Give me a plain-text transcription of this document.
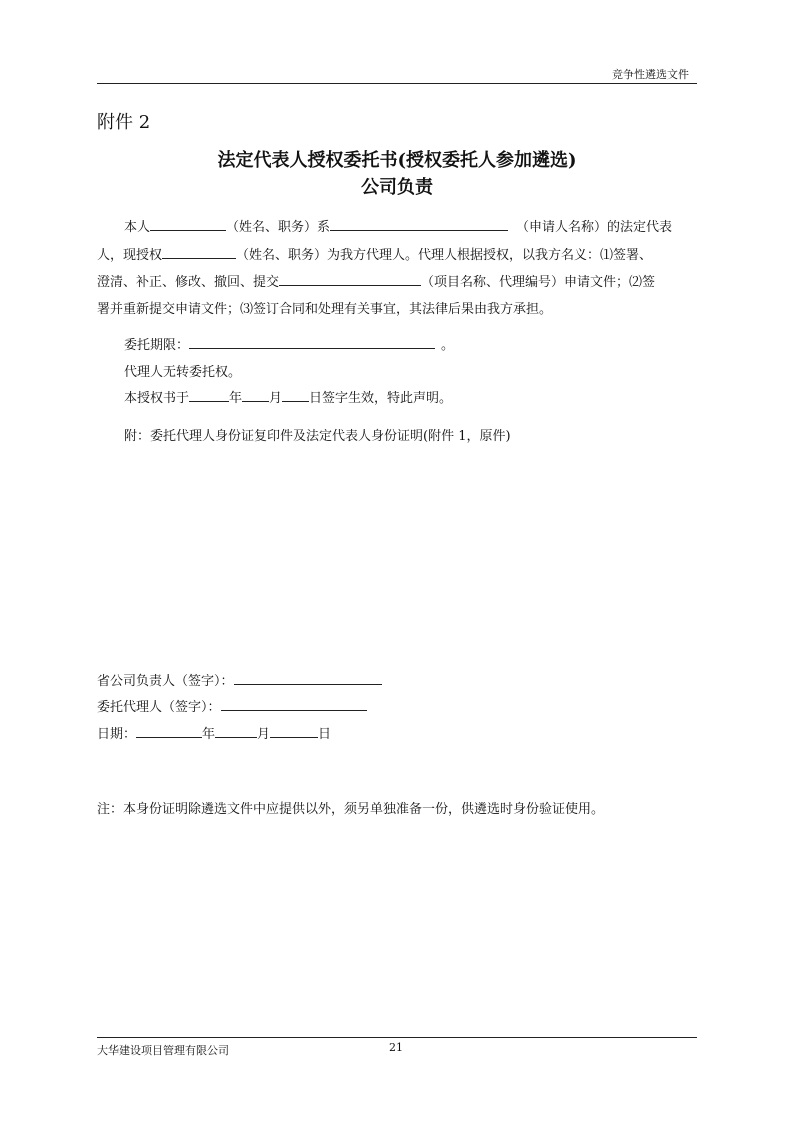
竞争性遴选文件
附件 2
法定代表人授权委托书(授权委托人参加遴选)
公司负责
本人	（姓名、职务）系	（申请人名称）的法定代表
人，现授权	（姓名、职务）为我方代理人。代理人根据授权，以我方名义：⑴签署、
澄清、补正、修改、撤回、提交	（项目名称、代理编号）申请文件；⑵签
署并重新提交申请文件；⑶签订合同和处理有关事宜，其法律后果由我方承担。
委托期限：	。
代理人无转委托权。
本授权书于	年 月 日签字生效，特此声明。
附：委托代理人身份证复印件及法定代表人身份证明(附件 1，原件)
省公司负责人（签字）：
委托代理人（签字）：
日期：	年	月	日
注：本身份证明除遴选文件中应提供以外，须另单独准备一份，供遴选时身份验证使用。
大华建设项目管理有限公司	21
